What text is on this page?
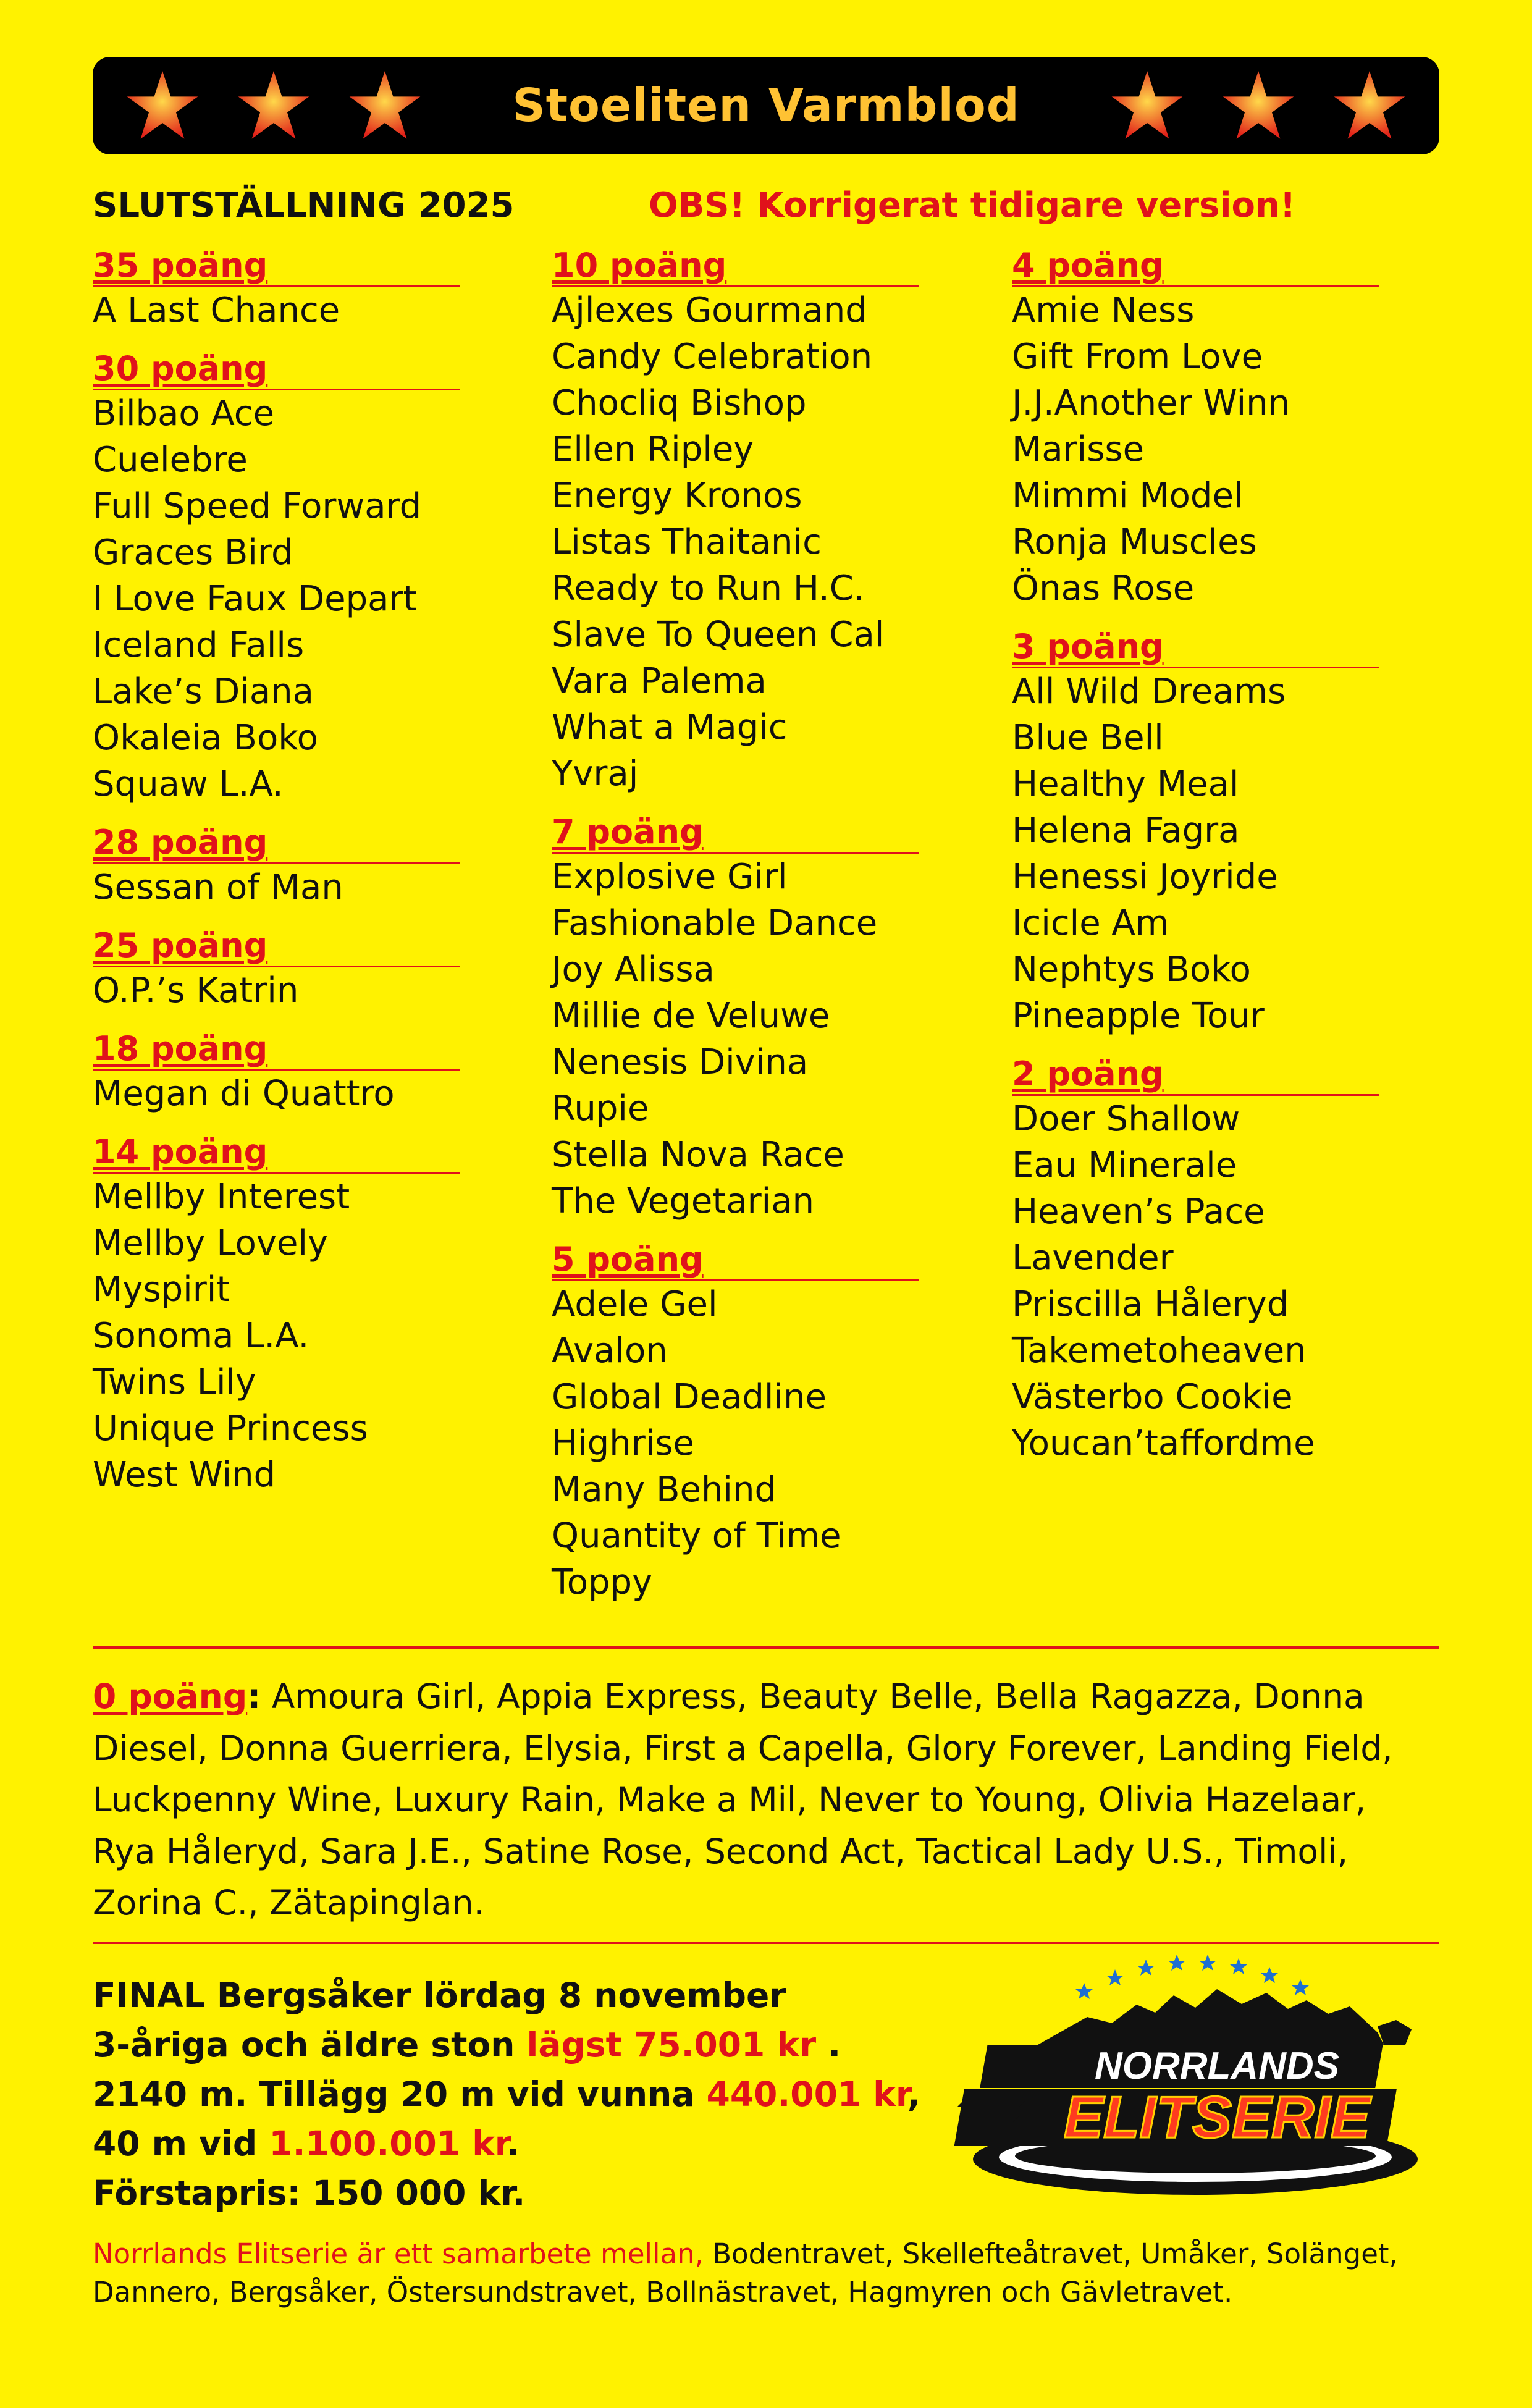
Stoeliten Varmblod
SLUTSTÄLLNING 2025	OBS! Korrigerat tidigare version!
35 poäng
A Last Chance
30 poäng
Bilbao Ace
Cuelebre
Full Speed Forward
Graces Bird
I Love Faux Depart
Iceland Falls
Lake’s Diana
Okaleia Boko
Squaw L.A.
28 poäng
Sessan of Man
25 poäng
O.P.’s Katrin
18 poäng
Megan di Quattro
14 poäng
Mellby Interest
Mellby Lovely
Myspirit
Sonoma L.A.
Twins Lily
Unique Princess
West Wind
10 poäng
Ajlexes Gourmand
Candy Celebration
Chocliq Bishop
Ellen Ripley
Energy Kronos
Listas Thaitanic
Ready to Run H.C.
Slave To Queen Cal
Vara Palema
What a Magic
Yvraj
7 poäng
Explosive Girl
Fashionable Dance
Joy Alissa
Millie de Veluwe
Nenesis Divina
Rupie
Stella Nova Race
The Vegetarian
5 poäng
Adele Gel
Avalon
Global Deadline
Highrise
Many Behind
Quantity of Time
Toppy
4 poäng
Amie Ness
Gift From Love
J.J.Another Winn
Marisse
Mimmi Model
Ronja Muscles
Önas Rose
3 poäng
All Wild Dreams
Blue Bell
Healthy Meal
Helena Fagra
Henessi Joyride
Icicle Am
Nephtys Boko
Pineapple Tour
2 poäng
Doer Shallow
Eau Minerale
Heaven’s Pace
Lavender
Priscilla Håleryd
Takemetoheaven
Västerbo Cookie
Youcan’taffordme
0 poäng: Amoura Girl, Appia Express, Beauty Belle, Bella Ragazza, Donna Diesel, Donna Guerriera, Elysia, First a Capella, Glory Forever, Landing Field, Luckpenny Wine, Luxury Rain, Make a Mil, Never to Young, Olivia Hazelaar, Rya Håleryd, Sara J.E., Satine Rose, Second Act, Tactical Lady U.S., Timoli, Zorina C., Zätapinglan.
FINAL Bergsåker lördag 8 november
3-åriga och äldre ston lägst 75.001 kr .
2140 m. Tillägg 20 m vid vunna 440.001 kr,
40 m vid 1.100.001 kr.
Förstapris: 150 000 kr.
NORRLANDS
ELITSERIE
Norrlands Elitserie är ett samarbete mellan, Bodentravet, Skellefteåtravet, Umåker, Solänget, Dannero, Bergsåker, Östersundstravet, Bollnästravet, Hagmyren och Gävletravet.
